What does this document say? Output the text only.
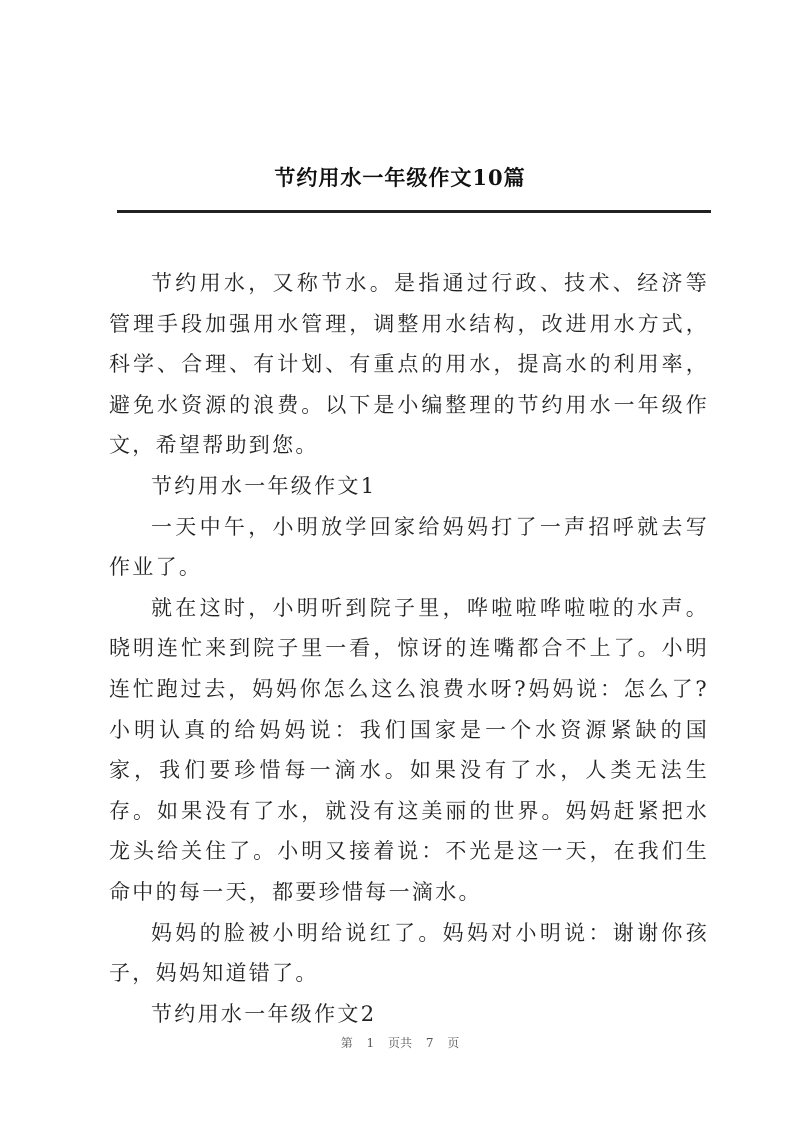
节约用水一年级作文10篇

节约用水，又称节水。是指通过行政、技术、经济等管理手段加强用水管理，调整用水结构，改进用水方式，科学、合理、有计划、有重点的用水，提高水的利用率，避免水资源的浪费。以下是小编整理的节约用水一年级作文，希望帮助到您。

节约用水一年级作文1

一天中午，小明放学回家给妈妈打了一声招呼就去写作业了。

就在这时，小明听到院子里，哗啦啦哗啦啦的水声。晓明连忙来到院子里一看，惊讶的连嘴都合不上了。小明连忙跑过去，妈妈你怎么这么浪费水呀?妈妈说：怎么了?小明认真的给妈妈说：我们国家是一个水资源紧缺的国家，我们要珍惜每一滴水。如果没有了水，人类无法生存。如果没有了水，就没有这美丽的世界。妈妈赶紧把水龙头给关住了。小明又接着说：不光是这一天，在我们生命中的每一天，都要珍惜每一滴水。

妈妈的脸被小明给说红了。妈妈对小明说：谢谢你孩子，妈妈知道错了。

节约用水一年级作文2

第 1 页共 7 页
